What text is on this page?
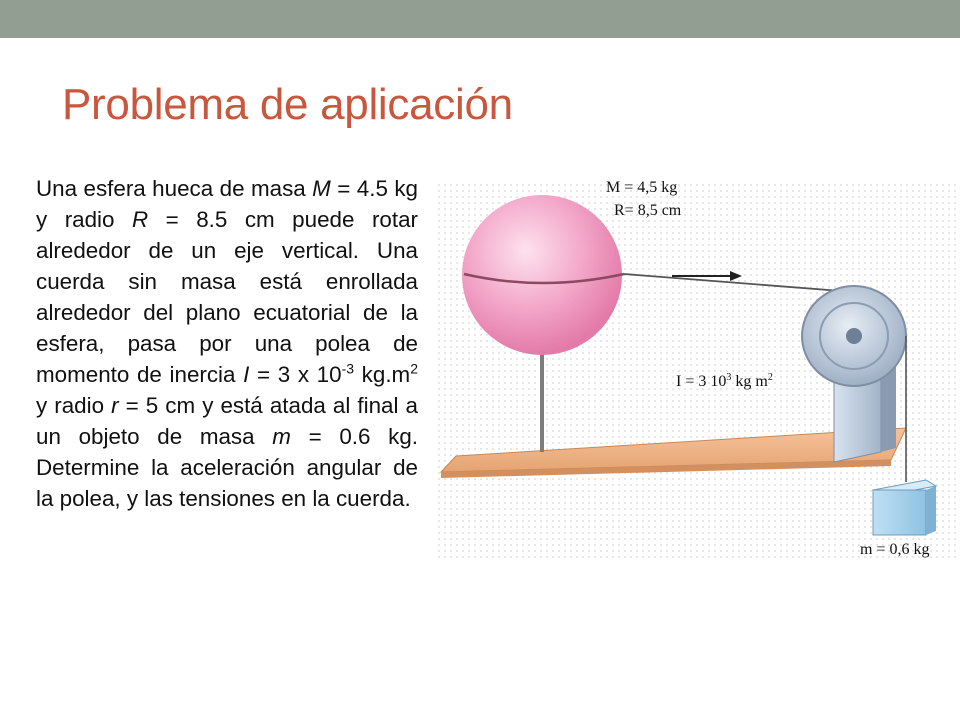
Problema de aplicación

Una esfera hueca de masa M = 4.5 kg y radio R = 8.5 cm puede rotar alrededor de un eje vertical. Una cuerda sin masa está enrollada alrededor del plano ecuatorial de la esfera, pasa por una polea de momento de inercia I = 3 x $10^{-3}$ $kg.m^2$ y radio r = 5 cm y está atada al final a un objeto de masa m = 0.6 kg. Determine la aceleración angular de la polea, y las tensiones en la cuerda.

M = 4,5 kg
R= 8,5 cm
I = 3 $10^3$ kg $m^2$
m = 0,6 kg
